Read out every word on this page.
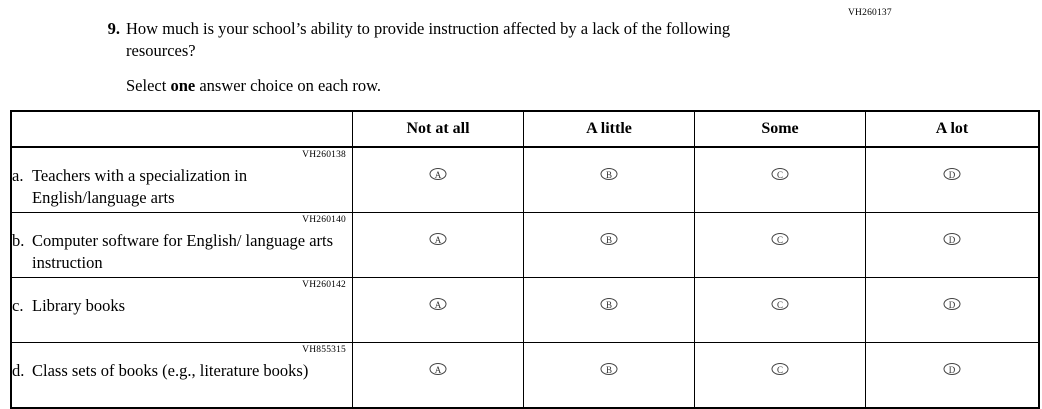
VH260137
9. How much is your school’s ability to provide instruction affected by a lack of the following resources?
Select one answer choice on each row.
	Not at all	A little	Some	A lot

VH260138
a. Teachers with a specialization in English/language arts	A	B	C	D

VH260140
b. Computer software for English/ language arts instruction	A	B	C	D

VH260142
c. Library books	A	B	C	D

VH855315
d. Class sets of books (e.g., literature books)	A	B	C	D
